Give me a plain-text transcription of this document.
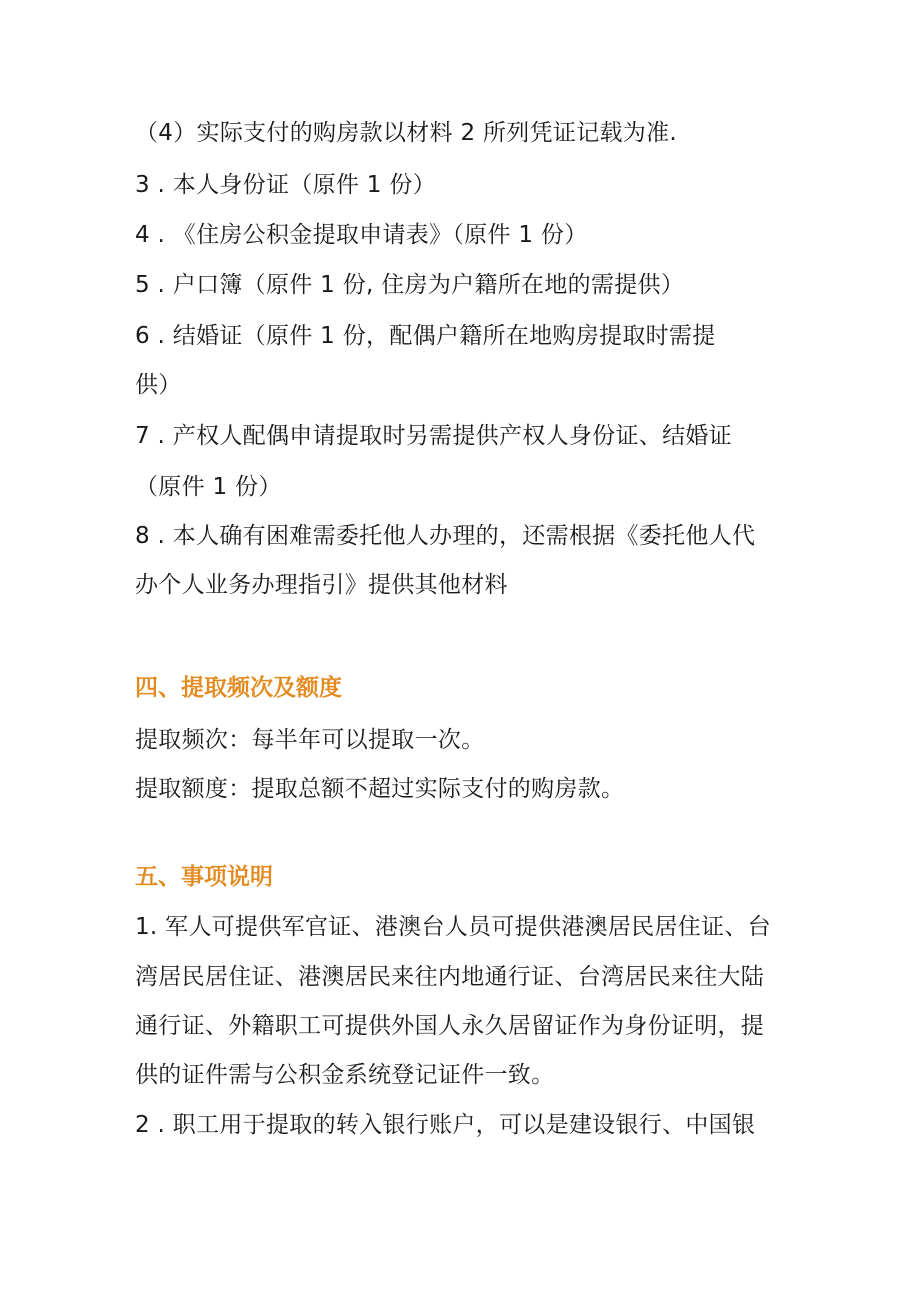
（4）实际支付的购房款以材料 2 所列凭证记载为准.
3 . 本人身份证（原件 1 份）
4 . 《住房公积金提取申请表》（原件 1 份）
5 . 户口簿（原件 1 份, 住房为户籍所在地的需提供）
6 . 结婚证（原件 1 份，配偶户籍所在地购房提取时需提
供）
7 . 产权人配偶申请提取时另需提供产权人身份证、结婚证
（原件 1 份）
8 . 本人确有困难需委托他人办理的，还需根据《委托他人代
办个人业务办理指引》提供其他材料
四、提取频次及额度
提取频次：每半年可以提取一次。
提取额度：提取总额不超过实际支付的购房款。
五、事项说明
1. 军人可提供军官证、港澳台人员可提供港澳居民居住证、台
湾居民居住证、港澳居民来往内地通行证、台湾居民来往大陆
通行证、外籍职工可提供外国人永久居留证作为身份证明，提
供的证件需与公积金系统登记证件一致。
2 . 职工用于提取的转入银行账户，可以是建设银行、中国银
